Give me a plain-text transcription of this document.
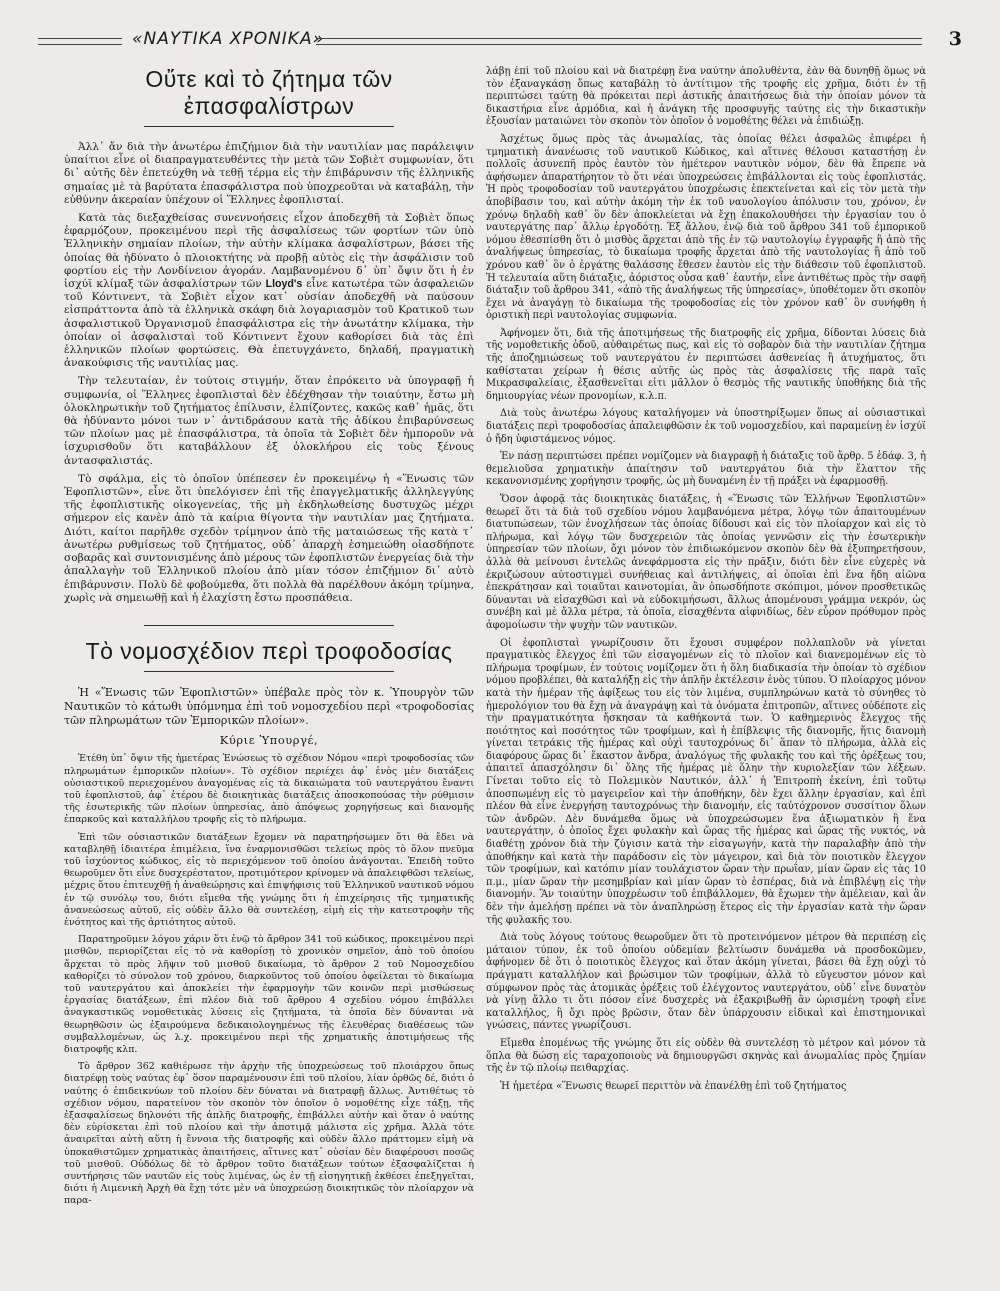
«ΝΑΥΤΙΚΑ ΧΡΟΝΙΚΑ»	3
Οὔτε καὶ τὸ ζήτημα τῶν ἐπασφαλίστρων

Ἀλλ᾽ ἄν διὰ τὴν ἀνωτέρω ἐπιζήμιον διὰ τὴν ναυτιλίαν μας παράλειψιν ὑπαίτιοι εἶνε οἱ διαπραγματευθέντες τὴν μετὰ τῶν Σοβιὲτ συμφωνίαν, ὅτι δι᾽ αὐτῆς δὲν ἐπετεύχθη νὰ τεθῇ τέρμα εἰς τὴν ἐπιβάρυνσιν τῆς ἑλληνικῆς σημαίας μὲ τὰ βαρύτατα ἐπασφάλιστρα ποὺ ὑποχρεοῦται νὰ καταβάλῃ, τὴν εὐθύνην ἀκεραίαν ὑπέχουν οἱ Ἕλληνες ἐφοπλισταί.

Κατὰ τὰς διεξαχθείσας συνεννοήσεις εἶχον ἀποδεχθῆ τὰ Σοβιὲτ ὅπως ἐφαρμόζουν, προκειμένου περὶ τῆς ἀσφαλίσεως τῶν φορτίων τῶν ὑπὸ Ἑλληνικὴν σημαίαν πλοίων, τὴν αὐτὴν κλίμακα ἀσφαλίστρων, βάσει τῆς ὁποίας θὰ ἠδύνατο ὁ πλοιοκτήτης νὰ προβῇ αὐτὸς εἰς τὴν ἀσφάλισιν τοῦ φορτίου εἰς τὴν Λονδίνειον ἀγοράν. Λαμβανομένου δ᾽ ὑπ᾽ ὄψιν ὅτι ἡ ἐν ἰσχύϊ κλίμαξ τῶν ἀσφαλίστρων τῶν Lloyd's εἶνε κατωτέρα τῶν ἀσφαλειῶν τοῦ Κόντινεντ, τὰ Σοβιὲτ εἶχον κατ᾽ οὐσίαν ἀποδεχθῆ νὰ παύσουν εἰσπράττοντα ἀπὸ τὰ ἑλληνικὰ σκάφη διὰ λογαριασμὸν τοῦ Κρατικοῦ των ἀσφαλιστικοῦ Ὀργανισμοῦ ἐπασφάλιστρα εἰς τὴν ἀνωτάτην κλίμακα, τὴν ὁποίαν οἱ ἀσφαλισταὶ τοῦ Κόντινεντ ἔχουν καθορίσει διὰ τὰς ἐπὶ ἑλληνικῶν πλοίων φορτώσεις. Θὰ ἐπετυγχάνετο, δηλαδή, πραγματικὴ ἀνακούφισις τῆς ναυτιλίας μας.

Τὴν τελευταίαν, ἐν τούτοις στιγμήν, ὅταν ἐπρόκειτο νὰ ὑπογραφῇ ἡ συμφωνία, οἱ Ἕλληνες ἐφοπλισταὶ δὲν ἐδέχθησαν τὴν τοιαύτην, ἔστω μὴ ὁλοκληρωτικὴν τοῦ ζητήματος ἐπίλυσιν, ἐλπίζοντες, κακῶς καθ᾽ ἡμᾶς, ὅτι θὰ ἠδύναντο μόνοι των ν᾽ ἀντιδράσουν κατὰ τῆς ἀδίκου ἐπιβαρύνσεως τῶν πλοίων μας μὲ ἐπασφάλιστρα, τὰ ὁποῖα τὰ Σοβιὲτ δὲν ἠμποροῦν νὰ ἰσχυρισθοῦν ὅτι καταβάλλουν ἐξ ὁλοκλήρου εἰς τοὺς ξένους ἀντασφαλιστάς.

Τὸ σφάλμα, εἰς τὸ ὁποῖον ὑπέπεσεν ἐν προκειμένῳ ἡ «Ἕνωσις τῶν Ἐφοπλιστῶν», εἶνε ὅτι ὑπελόγισεν ἐπὶ τῆς ἐπαγγελματικῆς ἀλληλεγγύης τῆς ἐφοπλιστικῆς οἰκογενείας, τῆς μὴ ἐκδηλωθείσης δυστυχῶς μέχρι σήμερον εἰς κανὲν ἀπὸ τὰ καίρια θίγοντα τὴν ναυτιλίαν μας ζητήματα. Διότι, καίτοι παρῆλθε σχεδὸν τρίμηνον ἀπὸ τῆς ματαιώσεως τῆς κατὰ τ᾽ ἀνωτέρω ρυθμίσεως τοῦ ζητήματος, οὐδ᾽ ἀπαρχὴ ἐσημειώθη οἱασδήποτε σοβαρᾶς καὶ συντονισμένης ἀπὸ μέρους τῶν ἐφοπλιστῶν ἐνεργείας διὰ τὴν ἀπαλλαγὴν τοῦ Ἑλληνικοῦ πλοίου ἀπὸ μίαν τόσον ἐπιζήμιον δι᾽ αὐτὸ ἐπιβάρυνσιν. Πολὺ δὲ φοβούμεθα, ὅτι πολλὰ θὰ παρέλθουν ἀκόμη τρίμηνα, χωρὶς νὰ σημειωθῇ καὶ ἡ ἐλαχίστη ἔστω προσπάθεια.

Τὸ νομοσχέδιον περὶ τροφοδοσίας

Ἡ «Ἕνωσις τῶν Ἐφοπλιστῶν» ὑπέβαλε πρὸς τὸν κ. Ὑπουργὸν τῶν Ναυτικῶν τὸ κάτωθι ὑπόμνημα ἐπὶ τοῦ νομοσχεδίου περὶ «τροφοδοσίας τῶν πληρωμάτων τῶν Ἐμπορικῶν πλοίων».

Κύριε Ὑπουργέ,

Ἐτέθη ὑπ᾽ ὄψιν τῆς ἡμετέρας Ἑνώσεως τὸ σχέδιον Νόμου «περὶ τροφοδοσίας τῶν πληρωμάτων ἐμπορικῶν πλοίων». Τὸ σχέδιον περιέχει ἀφ᾽ ἑνὸς μὲν διατάξεις οὐσιαστικοῦ περιεχομένου ἀναγομένας εἰς τὰ δικαιώματα τοῦ ναυτεργάτου ἔναντι τοῦ ἐφοπλιστοῦ, ἀφ᾽ ἑτέρου δὲ διοικητικὰς διατάξεις ἀποσκοπούσας τὴν ρύθμισιν τῆς ἐσωτερικῆς τῶν πλοίων ὑπηρεσίας, ἀπὸ ἀπόψεως χορηγήσεως καὶ διανομῆς ἐπαρκοῦς καὶ καταλλήλου τροφῆς εἰς τὸ πλήρωμα.

Ἐπὶ τῶν οὐσιαστικῶν διατάξεων ἔχομεν νὰ παρατηρήσωμεν ὅτι θὰ ἔδει νὰ καταβληθῇ ἰδιαιτέρα ἐπιμέλεια, ἵνα ἐναρμονισθῶσι τελείως πρὸς τὸ ὅλον πνεῦμα τοῦ ἰσχύοντος κώδικος, εἰς τὸ περιεχόμενον τοῦ ὁποίου ἀνάγονται. Ἐπειδὴ τοῦτο θεωροῦμεν ὅτι εἶνε δυσχερέστατον, προτιμότερον κρίνομεν νὰ ἀπαλειφθῶσι τελείως, μέχρις ὅτου ἐπιτευχθῇ ἡ ἀναθεώρησις καὶ ἐπιψήφισις τοῦ Ἑλληνικοῦ ναυτικοῦ νόμου ἐν τῷ συνόλῳ του, διότι εἴμεθα τῆς γνώμης ὅτι ἡ ἐπιχείρησις τῆς τμηματικῆς ἀνανεώσεως αὐτοῦ, εἰς οὐδὲν ἄλλο θὰ συντελέσῃ, εἰμὴ εἰς τὴν κατεστροφὴν τῆς ἑνότητος καὶ τῆς ἀρτιότητος αὐτοῦ.

Παρατηροῦμεν λόγου χάριν ὅτι ἐνῷ τὸ ἄρθρον 341 τοῦ κώδικος, προκειμένου περὶ μισθῶν, περιορίζεται εἰς τὸ νὰ καθορίσῃ τὸ χρονικὸν σημεῖον, ἀπὸ τοῦ ὁποίου ἄρχεται τὸ πρὸς λῆψιν τοῦ μισθοῦ δικαίωμα, τὸ ἄρθρον 2 τοῦ Νομοσχεδίου καθορίζει τὸ σύνολον τοῦ χρόνου, διαρκοῦντος τοῦ ὁποίου ὀφείλεται τὸ δικαίωμα τοῦ ναυτεργάτου καὶ ἀποκλείει τὴν ἐφαρμογὴν τῶν κοινῶν περὶ μισθώσεως ἐργασίας διατάξεων, ἐπὶ πλέον διὰ τοῦ ἄρθρου 4 σχεδίου νόμου ἐπιβάλλει ἀναγκαστικῶς νομοθετικὰς λύσεις εἰς ζητήματα, τὰ ὁποῖα δὲν δύνανται νὰ θεωρηθῶσιν ὡς ἐξαιρούμενα δεδικαιολογημένως τῆς ἐλευθέρας διαθέσεως τῶν συμβαλλομένων, ὡς λ.χ. προκειμένου περὶ τῆς χρηματικῆς ἀποτιμήσεως τῆς διατροφῆς κλπ.

Τὸ ἄρθρον 362 καθιέρωσε τὴν ἀρχὴν τῆς ὑποχρεώσεως τοῦ πλοιάρχου ὅπως διατρέφῃ τοὺς ναύτας ἐφ᾽ ὅσον παραμένουσιν ἐπὶ τοῦ πλοίου, λίαν ὀρθῶς δέ, διότι ὁ ναύτης ὁ ἐπιδεικνύων τοῦ πλοίου δὲν δύναται νὰ διατραφῇ ἄλλως. Ἀντιθέτως τὸ σχέδιον νόμου, παρατείνον τὸν σκοπὸν τὸν ὁποῖον ὁ νομοθέτης εἶχε τάξῃ, τῆς ἐξασφαλίσεως δηλονότι τῆς ἁπλῆς διατροφῆς, ἐπιβάλλει αὐτὴν καὶ ὅταν ὁ ναύτης δὲν εὑρίσκεται ἐπὶ τοῦ πλοίου καὶ τὴν ἀποτιμᾷ μάλιστα εἰς χρῆμα. Ἀλλὰ τότε ἀναιρεῖται αὐτὴ αὕτη ἡ ἔννοια τῆς διατροφῆς καὶ οὐδὲν ἄλλο πράττομεν εἰμὴ νὰ ὑποκαθιστῶμεν χρηματικὰς ἀπαιτήσεις, αἵτινες κατ᾽ οὐσίαν δὲν διαφέρουσι ποσῶς τοῦ μισθοῦ. Οὐδόλως δὲ τὸ ἄρθρον τοῦτο διατάξεων τούτων ἐξασφαλίζεται ἡ συντήρησις τῶν ναυτῶν εἰς τοὺς λιμένας, ὡς ἐν τῇ εἰσηγητικῇ ἐκθέσει ἐπεξηγεῖται, διότι ἡ Λιμενικὴ Ἀρχὴ θὰ ἔχῃ τότε μὲν νὰ ὑποχρεώσῃ διοικητικῶς τὸν πλοίαρχον νὰ παρα-

λάβῃ ἐπὶ τοῦ πλοίου καὶ νὰ διατρέφῃ ἕνα ναύτην ἀπολυθέντα, ἐὰν θὰ δυνηθῇ ὅμως νὰ τὸν ἐξαναγκάσῃ ὅπως καταβάλῃ τὸ ἀντίτιμον τῆς τροφῆς εἰς χρῆμα, διότι ἐν τῇ περιπτώσει ταύτῃ θὰ πρόκειται περὶ ἀστικῆς ἀπαιτήσεως διὰ τὴν ὁποίαν μόνον τὰ δικαστήρια εἶνε ἁρμόδια, καὶ ἡ ἀνάγκη τῆς προσφυγῆς ταύτης εἰς τὴν δικαστικὴν ἐξουσίαν ματαιώνει τὸν σκοπὸν τὸν ὁποῖον ὁ νομοθέτης θέλει νὰ ἐπιδιώξῃ.

Ἀσχέτως ὅμως πρὸς τὰς ἀνωμαλίας, τὰς ὁποίας θέλει ἀσφαλῶς ἐπιφέρει ἡ τμηματικὴ ἀνανέωσις τοῦ ναυτικοῦ Κώδικος, καὶ αἵτινες θέλουσι καταστήσῃ ἐν πολλοῖς ἀσυνεπῆ πρὸς ἑαυτὸν τὸν ἡμέτερον ναυτικὸν νόμον, δὲν θὰ ἔπρεπε νὰ ἀφήσωμεν ἀπαρατήρητον τὸ ὅτι νέαι ὑποχρεώσεις ἐπιβάλλονται εἰς τοὺς ἐφοπλιστάς. Ἡ πρὸς τροφοδοσίαν τοῦ ναυτεργάτου ὑποχρέωσις ἐπεκτείνεται καὶ εἰς τὸν μετὰ τὴν ἀποβίβασιν του, καὶ αὐτὴν ἀκόμη τὴν ἐκ τοῦ ναυολογίου ἀπόλυσιν του, χρόνον, ἐν χρόνῳ δηλαδὴ καθ᾽ ὃν δὲν ἀποκλείεται νὰ ἔχῃ ἐπακολουθήσει τὴν ἐργασίαν του ὁ ναυτεργάτης παρ᾽ ἄλλῳ ἐργοδότῃ. Ἐξ ἄλλου, ἐνῷ διὰ τοῦ ἄρθρου 341 τοῦ ἐμπορικοῦ νόμου ἐθεσπίσθη ὅτι ὁ μισθὸς ἄρχεται ἀπὸ τῆς ἐν τῷ ναυτολογίῳ ἐγγραφῆς ἢ ἀπὸ τῆς ἀναλήψεως ὑπηρεσίας, τὸ δικαίωμα τροφῆς ἄρχεται ἀπὸ τῆς ναυτολογίας ἢ ἀπὸ τοῦ χρόνου καθ᾽ ὃν ὁ ἐργάτης θαλάσσης ἔθεσεν ἑαυτὸν εἰς τὴν διάθεσιν τοῦ ἐφοπλιστοῦ. Ἡ τελευταία αὕτη διάταξις, ἀόριστος οὖσα καθ᾽ ἑαυτήν, εἶνε ἀντιθέτως πρὸς τὴν σαφῆ διάταξιν τοῦ ἄρθρου 341, «ἀπὸ τῆς ἀναλήψεως τῆς ὑπηρεσίας», ὑποθέτομεν ὅτι σκοπὸν ἔχει νὰ ἀναγάγῃ τὸ δικαίωμα τῆς τροφοδοσίας εἰς τὸν χρόνον καθ᾽ ὃν συνήφθη ἡ ὁριστικὴ περὶ ναυτολογίας συμφωνία.

Ἀφήνομεν ὅτι, διὰ τῆς ἀποτιμήσεως τῆς διατροφῆς εἰς χρῆμα, δίδονται λύσεις διὰ τῆς νομοθετικῆς ὁδοῦ, αὐθαιρέτως πως, καὶ εἰς τὸ σοβαρὸν διὰ τὴν ναυτιλίαν ζήτημα τῆς ἀποζημιώσεως τοῦ ναυτεργάτου ἐν περιπτώσει ἀσθενείας ἢ ἀτυχήματος, ὅτι καθίσταται χείρων ἡ θέσις αὐτῆς ὡς πρὸς τὰς ἀσφαλίσεις τῆς παρὰ ταῖς Μικρασφαλείαις, ἐξασθενεῖται εἰτι μᾶλλον ὁ θεσμὸς τῆς ναυτικῆς ὑποθήκης διὰ τῆς δημιουργίας νέων προνομίων, κ.λ.π.

Διὰ τοὺς ἀνωτέρω λόγους καταλήγομεν νὰ ὑποστηρίξωμεν ὅπως αἱ οὐσιαστικαὶ διατάξεις περὶ τροφοδοσίας ἀπαλειφθῶσιν ἐκ τοῦ νομοσχεδίου, καὶ παραμείνῃ ἐν ἰσχύϊ ὁ ἤδη ὑφιστάμενος νόμος.

Ἐν πάσῃ περιπτώσει πρέπει νομίζομεν νὰ διαγραφῇ ἡ διάταξις τοῦ ἄρθρ. 5 ἐδάφ. 3, ἡ θεμελιοῦσα χρηματικὴν ἀπαίτησιν τοῦ ναυτεργάτου διὰ τὴν ἔλαττον τῆς κεκανονισμένης χορήγησιν τροφῆς, ὡς μὴ δυναμένη ἐν τῇ πράξει νὰ ἐφαρμοσθῇ.

Ὅσον ἀφορᾷ τὰς διοικητικὰς διατάξεις, ἡ «Ἕνωσις τῶν Ἑλλήνων Ἐφοπλιστῶν» θεωρεῖ ὅτι τὰ διὰ τοῦ σχεδίου νόμου λαμβανόμενα μέτρα, λόγῳ τῶν ἀπαιτουμένων διατυπώσεων, τῶν ἐνοχλήσεων τὰς ὁποίας δίδουσι καὶ εἰς τὸν πλοίαρχον καὶ εἰς τὸ πλήρωμα, καὶ λόγῳ τῶν δυσχερειῶν τὰς ὁποίας γεννῶσιν εἰς τὴν ἐσωτερικὴν ὑπηρεσίαν τῶν πλοίων, ὄχι μόνον τὸν ἐπιδιωκόμενον σκοπὸν δὲν θὰ ἐξυπηρετήσουν, ἀλλὰ θὰ μείνουσι ἐντελῶς ἀνεφάρμοστα εἰς τὴν πρᾶξιν, διότι δὲν εἶνε εὐχερὲς νὰ ἐκριζώσουν αὐτοστιγμεὶ συνήθειας καὶ ἀντιλήψεις, αἱ ὁποῖαι ἐπὶ ἕνα ἤδη αἰῶνα ἐπεκράτησαν καὶ τοιαῦται καινοτομίαι, ἂν ὁπωσδήποτε σκόπιμοι, μόνον προσθετικῶς δύνανται νὰ εἰσαχθῶσι καὶ νὰ εὐδοκιμήσωσι, ἄλλως ἀπομένουσι γράμμα νεκρόν, ὡς συνέβη καὶ μὲ ἄλλα μέτρα, τὰ ὁποῖα, εἰσαχθέντα αἰφνιδίως, δὲν εὗρον πρόθυμον πρὸς ἀφομοίωσιν τὴν ψυχὴν τῶν ναυτικῶν.

Οἱ ἐφοπλισταὶ γνωρίζουσιν ὅτι ἔχουσι συμφέρον πολλαπλοῦν νὰ γίνεται πραγματικὸς ἔλεγχος ἐπὶ τῶν εἰσαγομένων εἰς τὸ πλοῖον καὶ διανεμομένων εἰς τὸ πλήρωμα τροφίμων, ἐν τούτοις νομίζομεν ὅτι ἡ ὅλη διαδικασία τὴν ὁποίαν τὸ σχέδιον νόμου προβλέπει, θὰ καταλήξῃ εἰς τὴν ἁπλῆν ἐκτέλεσιν ἑνὸς τύπου. Ὁ πλοίαρχος μόνον κατὰ τὴν ἡμέραν τῆς ἀφίξεως του εἰς τὸν λιμένα, συμπληρώνων κατὰ τὸ σύνηθες τὸ ἡμερολόγιον του θὰ ἔχῃ νὰ ἀναγράψῃ καὶ τὰ ὀνόματα ἐπιτροπῶν, αἵτινες οὐδέποτε εἰς τὴν πραγματικότητα ἤσκησαν τὰ καθήκοντά των. Ὁ καθημερινὸς ἔλεγχος τῆς ποιότητος καὶ ποσότητος τῶν τροφίμων, καὶ ἡ ἐπίβλεψις τῆς διανομῆς, ἥτις διανομὴ γίνεται τετράκις τῆς ἡμέρας καὶ οὐχὶ ταυτοχρόνως δι᾽ ἅπαν τὸ πλήρωμα, ἀλλὰ εἰς διαφόρους ὥρας δι᾽ ἕκαστον ἄνδρα, ἀναλόγως τῆς φυλακῆς του καὶ τῆς ὀρέξεως του, ἀπαιτεῖ ἀπασχόλησιν δι᾽ ὅλης τῆς ἡμέρας μὲ ὅλην τὴν κυριολεξίαν τῶν λέξεων. Γίνεται τοῦτο εἰς τὸ Πολεμικὸν Ναυτικόν, ἀλλ᾽ ἡ Ἐπιτροπὴ ἐκείνη, ἐπὶ τοῦτῳ ἀποσπωμένη εἰς τὸ μαγειρεῖον καὶ τὴν ἀποθήκην, δὲν ἔχει ἄλλην ἐργασίαν, καὶ ἐπὶ πλέον θὰ εἶνε ἐνεργήσῃ ταυτοχρόνως τὴν διανομήν, εἰς ταὐτόχρονον συσσίτιον ὅλων τῶν ἀνδρῶν. Δὲν δυνάμεθα ὅμως νὰ ὑποχρεώσωμεν ἕνα ἀξιωματικὸν ἢ ἕνα ναυτεργάτην, ὁ ὁποῖος ἔχει φυλακὴν καὶ ὥρας τῆς ἡμέρας καὶ ὥρας τῆς νυκτός, νὰ διαθέτῃ χρόνον διὰ τὴν ζύγισιν κατὰ τὴν εἰσαγωγήν, κατὰ τὴν παραλαβὴν ἀπὸ τὴν ἀποθήκην καὶ κατὰ τὴν παράδοσιν εἰς τὸν μάγειρον, καὶ διὰ τὸν ποιοτικὸν ἔλεγχον τῶν τροφίμων, καὶ κατόπιν μίαν τουλάχιστον ὥραν τὴν πρωΐαν, μίαν ὥραν εἰς τὰς 10 π.μ., μίαν ὥραν τὴν μεσημβρίαν καὶ μίαν ὥραν τὸ ἑσπέρας, διὰ νὰ ἐπιβλέψῃ εἰς τὴν διανομήν. Ἂν τοιαύτην ὑποχρέωσιν τοῦ ἐπιβάλλομεν, θὰ ἔχωμεν τὴν ἀμέλειαν, καὶ ἂν δὲν τὴν ἀμελήσῃ πρέπει νὰ τὸν ἀναπληρώσῃ ἕτερος εἰς τὴν ἐργασίαν κατὰ τὴν ὥραν τῆς φυλακῆς του.

Διὰ τοὺς λόγους τούτους θεωροῦμεν ὅτι τὸ προτεινόμενον μέτρον θὰ περιπέσῃ εἰς μάταιον τύπον, ἐκ τοῦ ὁποίου οὐδεμίαν βελτίωσιν δυνάμεθα νὰ προσδοκῶμεν, ἀφήνομεν δὲ ὅτι ὁ ποιοτικὸς ἔλεγχος καὶ ὅταν ἀκόμη γίνεται, βάσει θὰ ἔχῃ οὐχὶ τὸ πράγματι καταλλήλον καὶ βρώσιμον τῶν τροφίμων, ἀλλὰ τὸ εὔγευστον μόνον καὶ σύμφωνον πρὸς τὰς ἀτομικὰς ὀρέξεις τοῦ ἐλέγχοντος ναυτεργάτου, οὐδ᾽ εἶνε δυνατὸν νὰ γίνῃ ἄλλο τι ὅτι πόσον εἶνε δυσχερὲς νὰ ἐξακριβωθῇ ἂν ὡρισμένη τροφὴ εἶνε καταλλήλος, ἢ ὄχι πρὸς βρῶσιν, ὅταν δὲν ὑπάρχουσιν εἰδικαὶ καὶ ἐπιστημονικαὶ γνώσεις, πάντες γνωρίζουσι.

Εἴμεθα ἑπομένως τῆς γνώμης ὅτι εἰς οὐδὲν θὰ συντελέσῃ τὸ μέτρον καὶ μόνον τὰ ὅπλα θὰ δώσῃ εἰς ταραχοποιοὺς νὰ δημιουργῶσι σκηνὰς καὶ ἀνωμαλίας πρὸς ζημίαν τῆς ἐν τῷ πλοίῳ πειθαρχίας.

Ἡ ἡμετέρα «Ἕνωσις θεωρεῖ περιττὸν νὰ ἐπανέλθῃ ἐπὶ τοῦ ζητήματος
